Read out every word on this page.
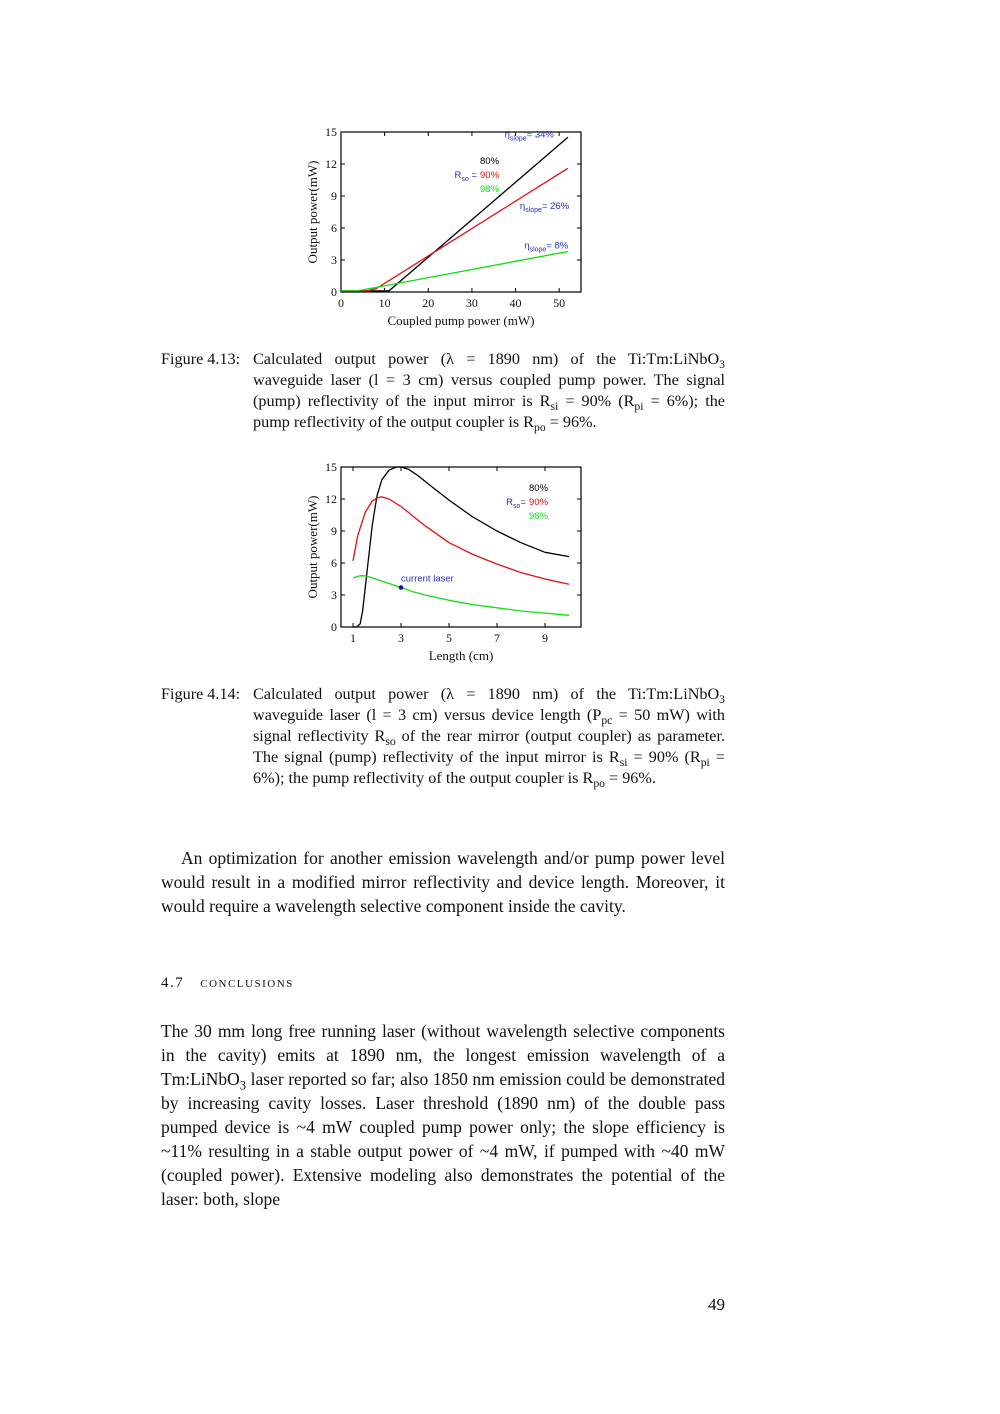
0	10	20	30	40	50
0
3
6
9
12
15
Coupled pump power (mW)
Output power(mW)	80%
90%
98%
$R_{so}$ =
$\eta_{slope}= 34\%$
$\eta_{slope}= 26\%$
$\eta_{slope}= 8\%$
Figure 4.13: Calculated output power (λ = 1890 nm) of the Ti:Tm:LiNbO$_3$ waveguide laser (l = 3 cm) versus coupled pump power. The signal (pump) reflectivity of the input mirror is $R_{si} = 90\%$ $(R_{pi} = 6\%)$; the pump reflectivity of the output coupler is $R_{po} = 96\%$.
1	3	5	7	9
0
3
6
9
12
15
Length (cm)
Output power(mW)
80%
90%
98%
$R_{so}=$
current laser
Figure 4.14: Calculated output power (λ = 1890 nm) of the Ti:Tm:LiNbO$_3$ waveguide laser (l = 3 cm) versus device length ($P_{pc} = 50$ mW) with signal reflectivity $R_{so}$ of the rear mirror (output coupler) as parameter. The signal (pump) reflectivity of the input mirror is $R_{si} = 90\%$ $(R_{pi} = 6\%)$; the pump reflectivity of the output coupler is $R_{po} = 96\%$.
An optimization for another emission wavelength and/or pump power level would result in a modified mirror reflectivity and device length. Moreover, it would require a wavelength selective component inside the cavity.
4.7 conclusions
The 30 mm long free running laser (without wavelength selective components in the cavity) emits at 1890 nm, the longest emission wavelength of a Tm:LiNbO$_3$ laser reported so far; also 1850 nm emission could be demonstrated by increasing cavity losses. Laser threshold (1890 nm) of the double pass pumped device is ~4 mW coupled pump power only; the slope efficiency is ~11% resulting in a stable output power of ~4 mW, if pumped with ~40 mW (coupled power). Extensive modeling also demonstrates the potential of the laser: both, slope
49
